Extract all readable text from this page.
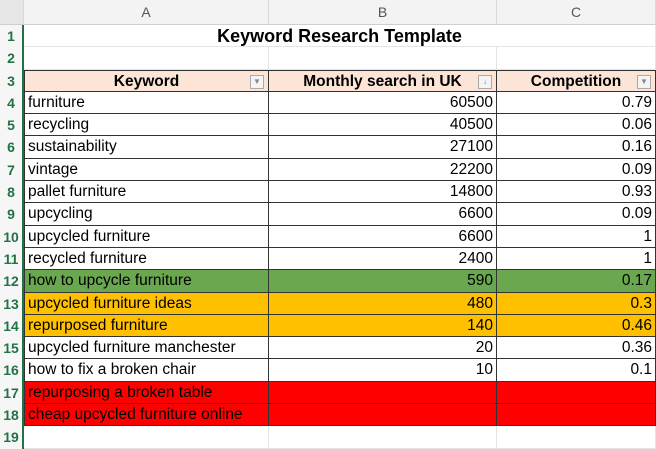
A	B	C
1	Keyword Research Template
2
3	Keyword	▼	Monthly search in UK	↓	Competition	▼
4 furniture	60500	0.79
5 recycling	40500	0.06
6 sustainability	27100	0.16
7 vintage	22200	0.09
8 pallet furniture	14800	0.93
9 upcycling	6600	0.09
10 upcycled furniture	6600	1
11 recycled furniture	2400	1
12 how to upcycle furniture	590	0.17
13 upcycled furniture ideas	480	0.3
14 repurposed furniture	140	0.46
15 upcycled furniture manchester	20	0.36
16 how to fix a broken chair	10	0.1
17 repurposing a broken table
18 cheap upcycled furniture online
19
